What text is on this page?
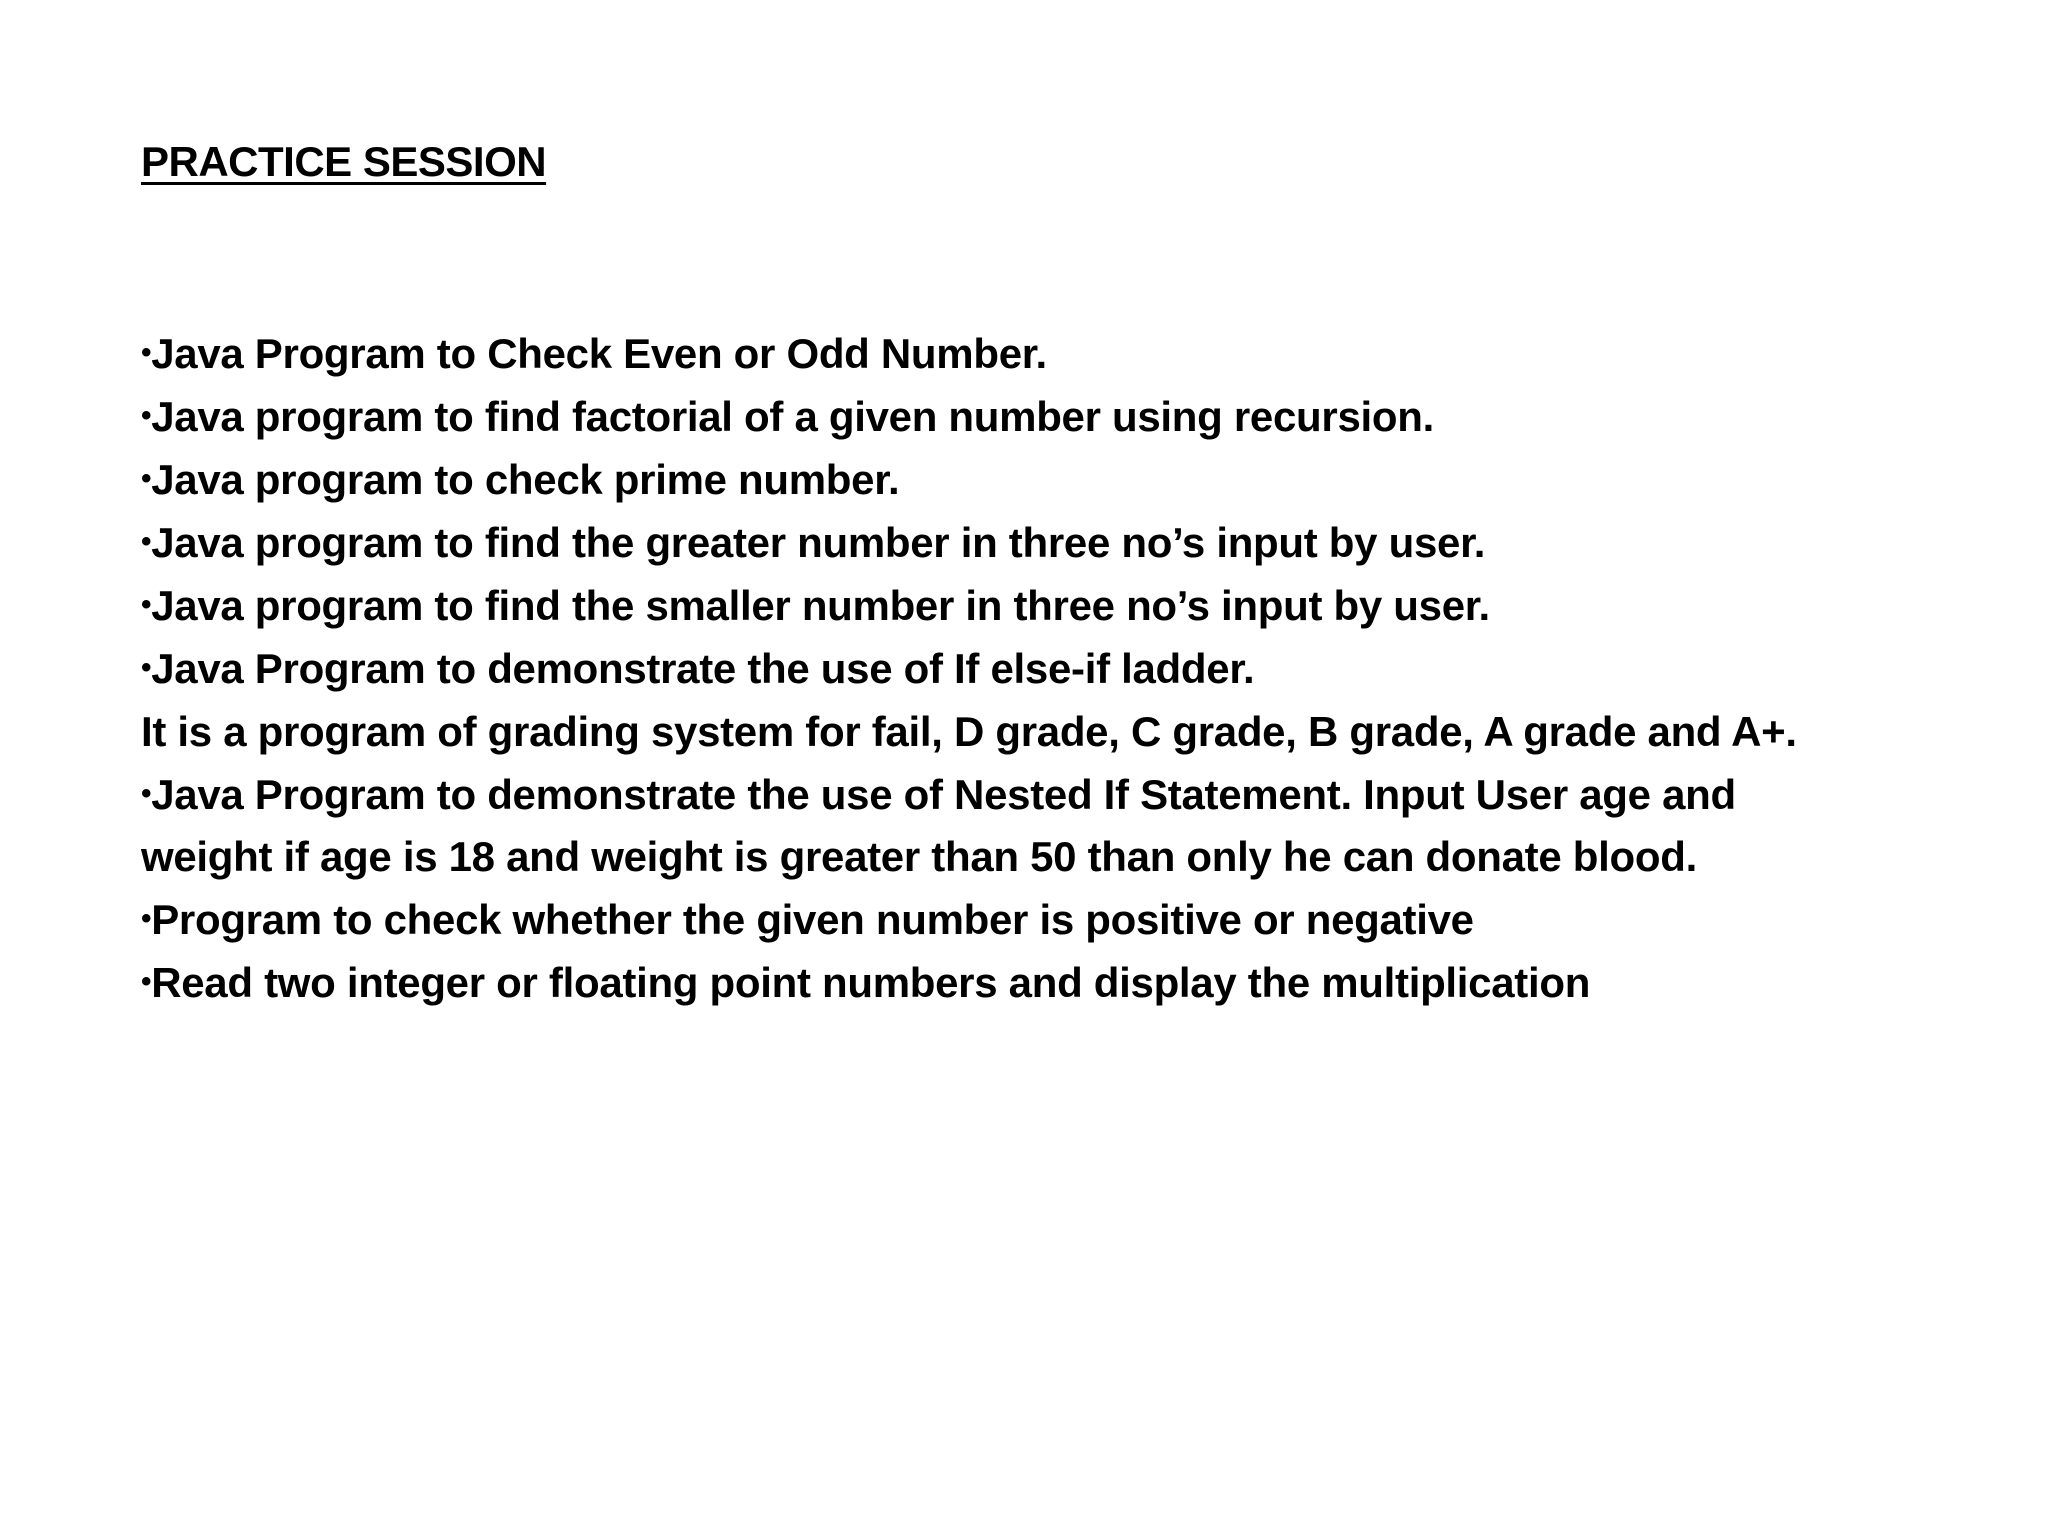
PRACTICE SESSION
•Java Program to Check Even or Odd Number.
•Java program to find factorial of a given number using recursion.
•Java program to check prime number.
•Java program to find the greater number in three no’s input by user.
•Java program to find the smaller number in three no’s input by user.
•Java Program to demonstrate the use of If else-if ladder.
It is a program of grading system for fail, D grade, C grade, B grade, A grade and A+.
•Java Program to demonstrate the use of Nested If Statement. Input User age and weight if age is 18 and weight is greater than 50 than only he can donate blood.
•Program to check whether the given number is positive or negative
•Read two integer or floating point numbers and display the multiplication
